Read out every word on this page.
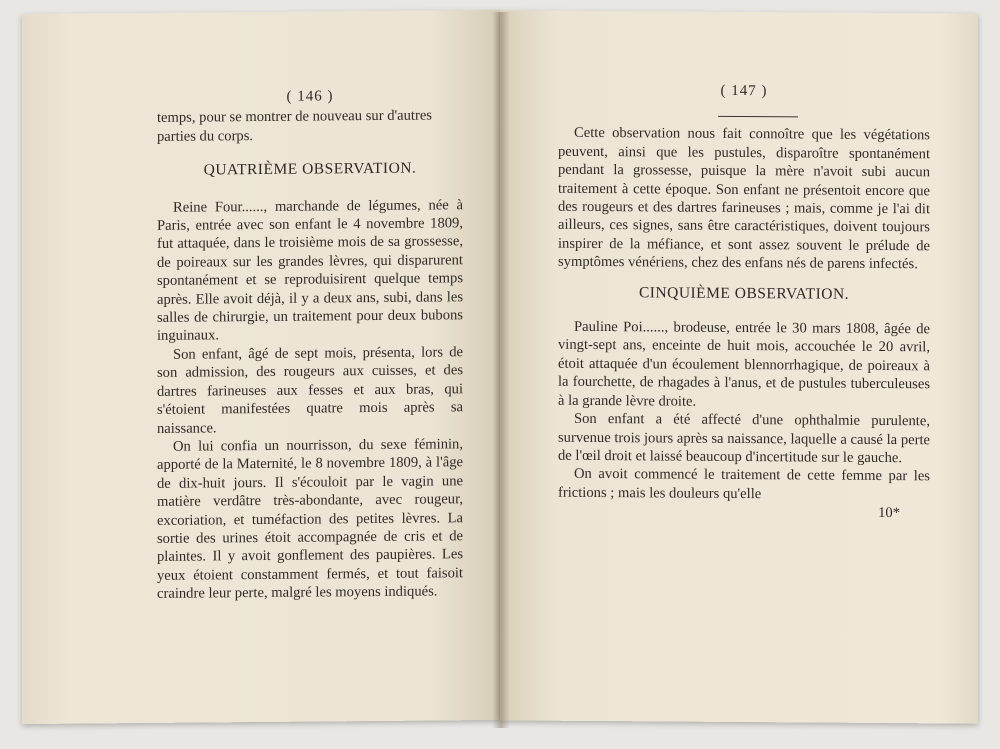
( 146 )

temps, pour se montrer de nouveau sur d'autres

parties du corps.

QUATRIÈME OBSERVATION.

Reine Four......, marchande de légumes, née à Paris, entrée avec son enfant le 4 novembre 1809, fut attaquée, dans le troisième mois de sa grossesse, de poireaux sur les grandes lèvres, qui disparurent spontanément et se reproduisirent quelque temps après. Elle avoit déjà, il y a deux ans, subi, dans les salles de chirurgie, un traitement pour deux bubons inguinaux.

Son enfant, âgé de sept mois, présenta, lors de son admission, des rougeurs aux cuisses, et des dartres farineuses aux fesses et aux bras, qui s'étoient manifestées quatre mois après sa naissance.

On lui confia un nourrisson, du sexe féminin, apporté de la Maternité, le 8 novembre 1809, à l'âge de dix-huit jours. Il s'écouloit par le vagin une matière verdâtre très-abondante, avec rougeur, excoriation, et tuméfaction des petites lèvres. La sortie des urines étoit accompagnée de cris et de plaintes. Il y avoit gonflement des paupières. Les yeux étoient constamment fermés, et tout faisoit craindre leur perte, malgré les moyens indiqués.

( 147 )

Cette observation nous fait connoître que les végétations peuvent, ainsi que les pustules, disparoître spontanément pendant la grossesse, puisque la mère n'avoit subi aucun traitement à cette époque. Son enfant ne présentoit encore que des rougeurs et des dartres farineuses ; mais, comme je l'ai dit ailleurs, ces signes, sans être caractéristiques, doivent toujours inspirer de la méfiance, et sont assez souvent le prélude de symptômes vénériens, chez des enfans nés de parens infectés.

CINQUIÈME OBSERVATION.

Pauline Poi......, brodeuse, entrée le 30 mars 1808, âgée de vingt-sept ans, enceinte de huit mois, accouchée le 20 avril, étoit attaquée d'un écoulement blennorrhagique, de poireaux à la fourchette, de rhagades à l'anus, et de pustules tuberculeuses à la grande lèvre droite.

Son enfant a été affecté d'une ophthalmie purulente, survenue trois jours après sa naissance, laquelle a causé la perte de l'œil droit et laissé beaucoup d'incertitude sur le gauche.

On avoit commencé le traitement de cette femme par les frictions ; mais les douleurs qu'elle

10*
